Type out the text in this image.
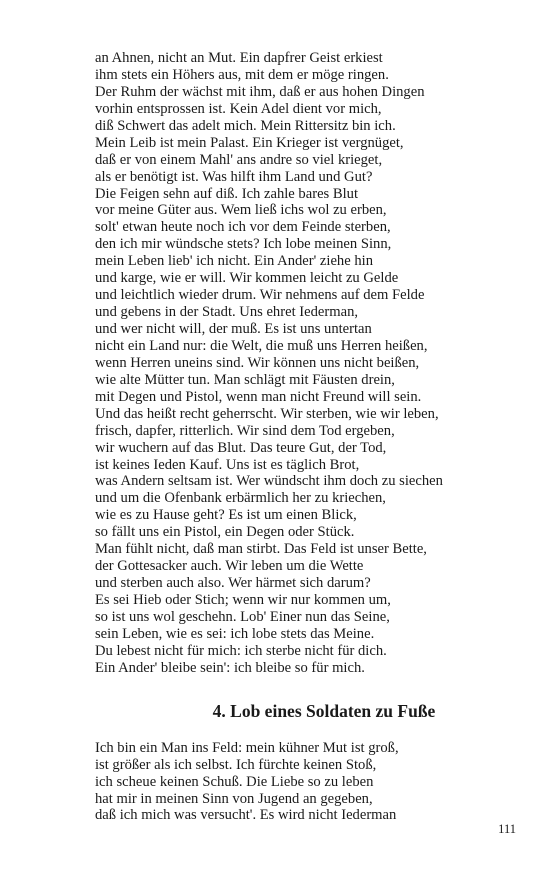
an Ahnen, nicht an Mut. Ein dapfrer Geist erkiest
ihm stets ein Höhers aus, mit dem er möge ringen.
Der Ruhm der wächst mit ihm, daß er aus hohen Dingen
vorhin entsprossen ist. Kein Adel dient vor mich,
diß Schwert das adelt mich. Mein Rittersitz bin ich.
Mein Leib ist mein Palast. Ein Krieger ist vergnüget,
daß er von einem Mahl' ans andre so viel krieget,
als er benötigt ist. Was hilft ihm Land und Gut?
Die Feigen sehn auf diß. Ich zahle bares Blut
vor meine Güter aus. Wem ließ ichs wol zu erben,
solt' etwan heute noch ich vor dem Feinde sterben,
den ich mir wündsche stets? Ich lobe meinen Sinn,
mein Leben lieb' ich nicht. Ein Ander' ziehe hin
und karge, wie er will. Wir kommen leicht zu Gelde
und leichtlich wieder drum. Wir nehmens auf dem Felde
und gebens in der Stadt. Uns ehret Iederman,
und wer nicht will, der muß. Es ist uns untertan
nicht ein Land nur: die Welt, die muß uns Herren heißen,
wenn Herren uneins sind. Wir können uns nicht beißen,
wie alte Mütter tun. Man schlägt mit Fäusten drein,
mit Degen und Pistol, wenn man nicht Freund will sein.
Und das heißt recht geherrscht. Wir sterben, wie wir leben,
frisch, dapfer, ritterlich. Wir sind dem Tod ergeben,
wir wuchern auf das Blut. Das teure Gut, der Tod,
ist keines Ieden Kauf. Uns ist es täglich Brot,
was Andern seltsam ist. Wer wündscht ihm doch zu siechen
und um die Ofenbank erbärmlich her zu kriechen,
wie es zu Hause geht? Es ist um einen Blick,
so fällt uns ein Pistol, ein Degen oder Stück.
Man fühlt nicht, daß man stirbt. Das Feld ist unser Bette,
der Gottesacker auch. Wir leben um die Wette
und sterben auch also. Wer härmet sich darum?
Es sei Hieb oder Stich; wenn wir nur kommen um,
so ist uns wol geschehn. Lob' Einer nun das Seine,
sein Leben, wie es sei: ich lobe stets das Meine.
Du lebest nicht für mich: ich sterbe nicht für dich.
Ein Ander' bleibe sein': ich bleibe so für mich.
4. Lob eines Soldaten zu Fuße
Ich bin ein Man ins Feld: mein kühner Mut ist groß,
ist größer als ich selbst. Ich fürchte keinen Stoß,
ich scheue keinen Schuß. Die Liebe so zu leben
hat mir in meinen Sinn von Jugend an gegeben,
daß ich mich was versucht'. Es wird nicht Iederman
111
